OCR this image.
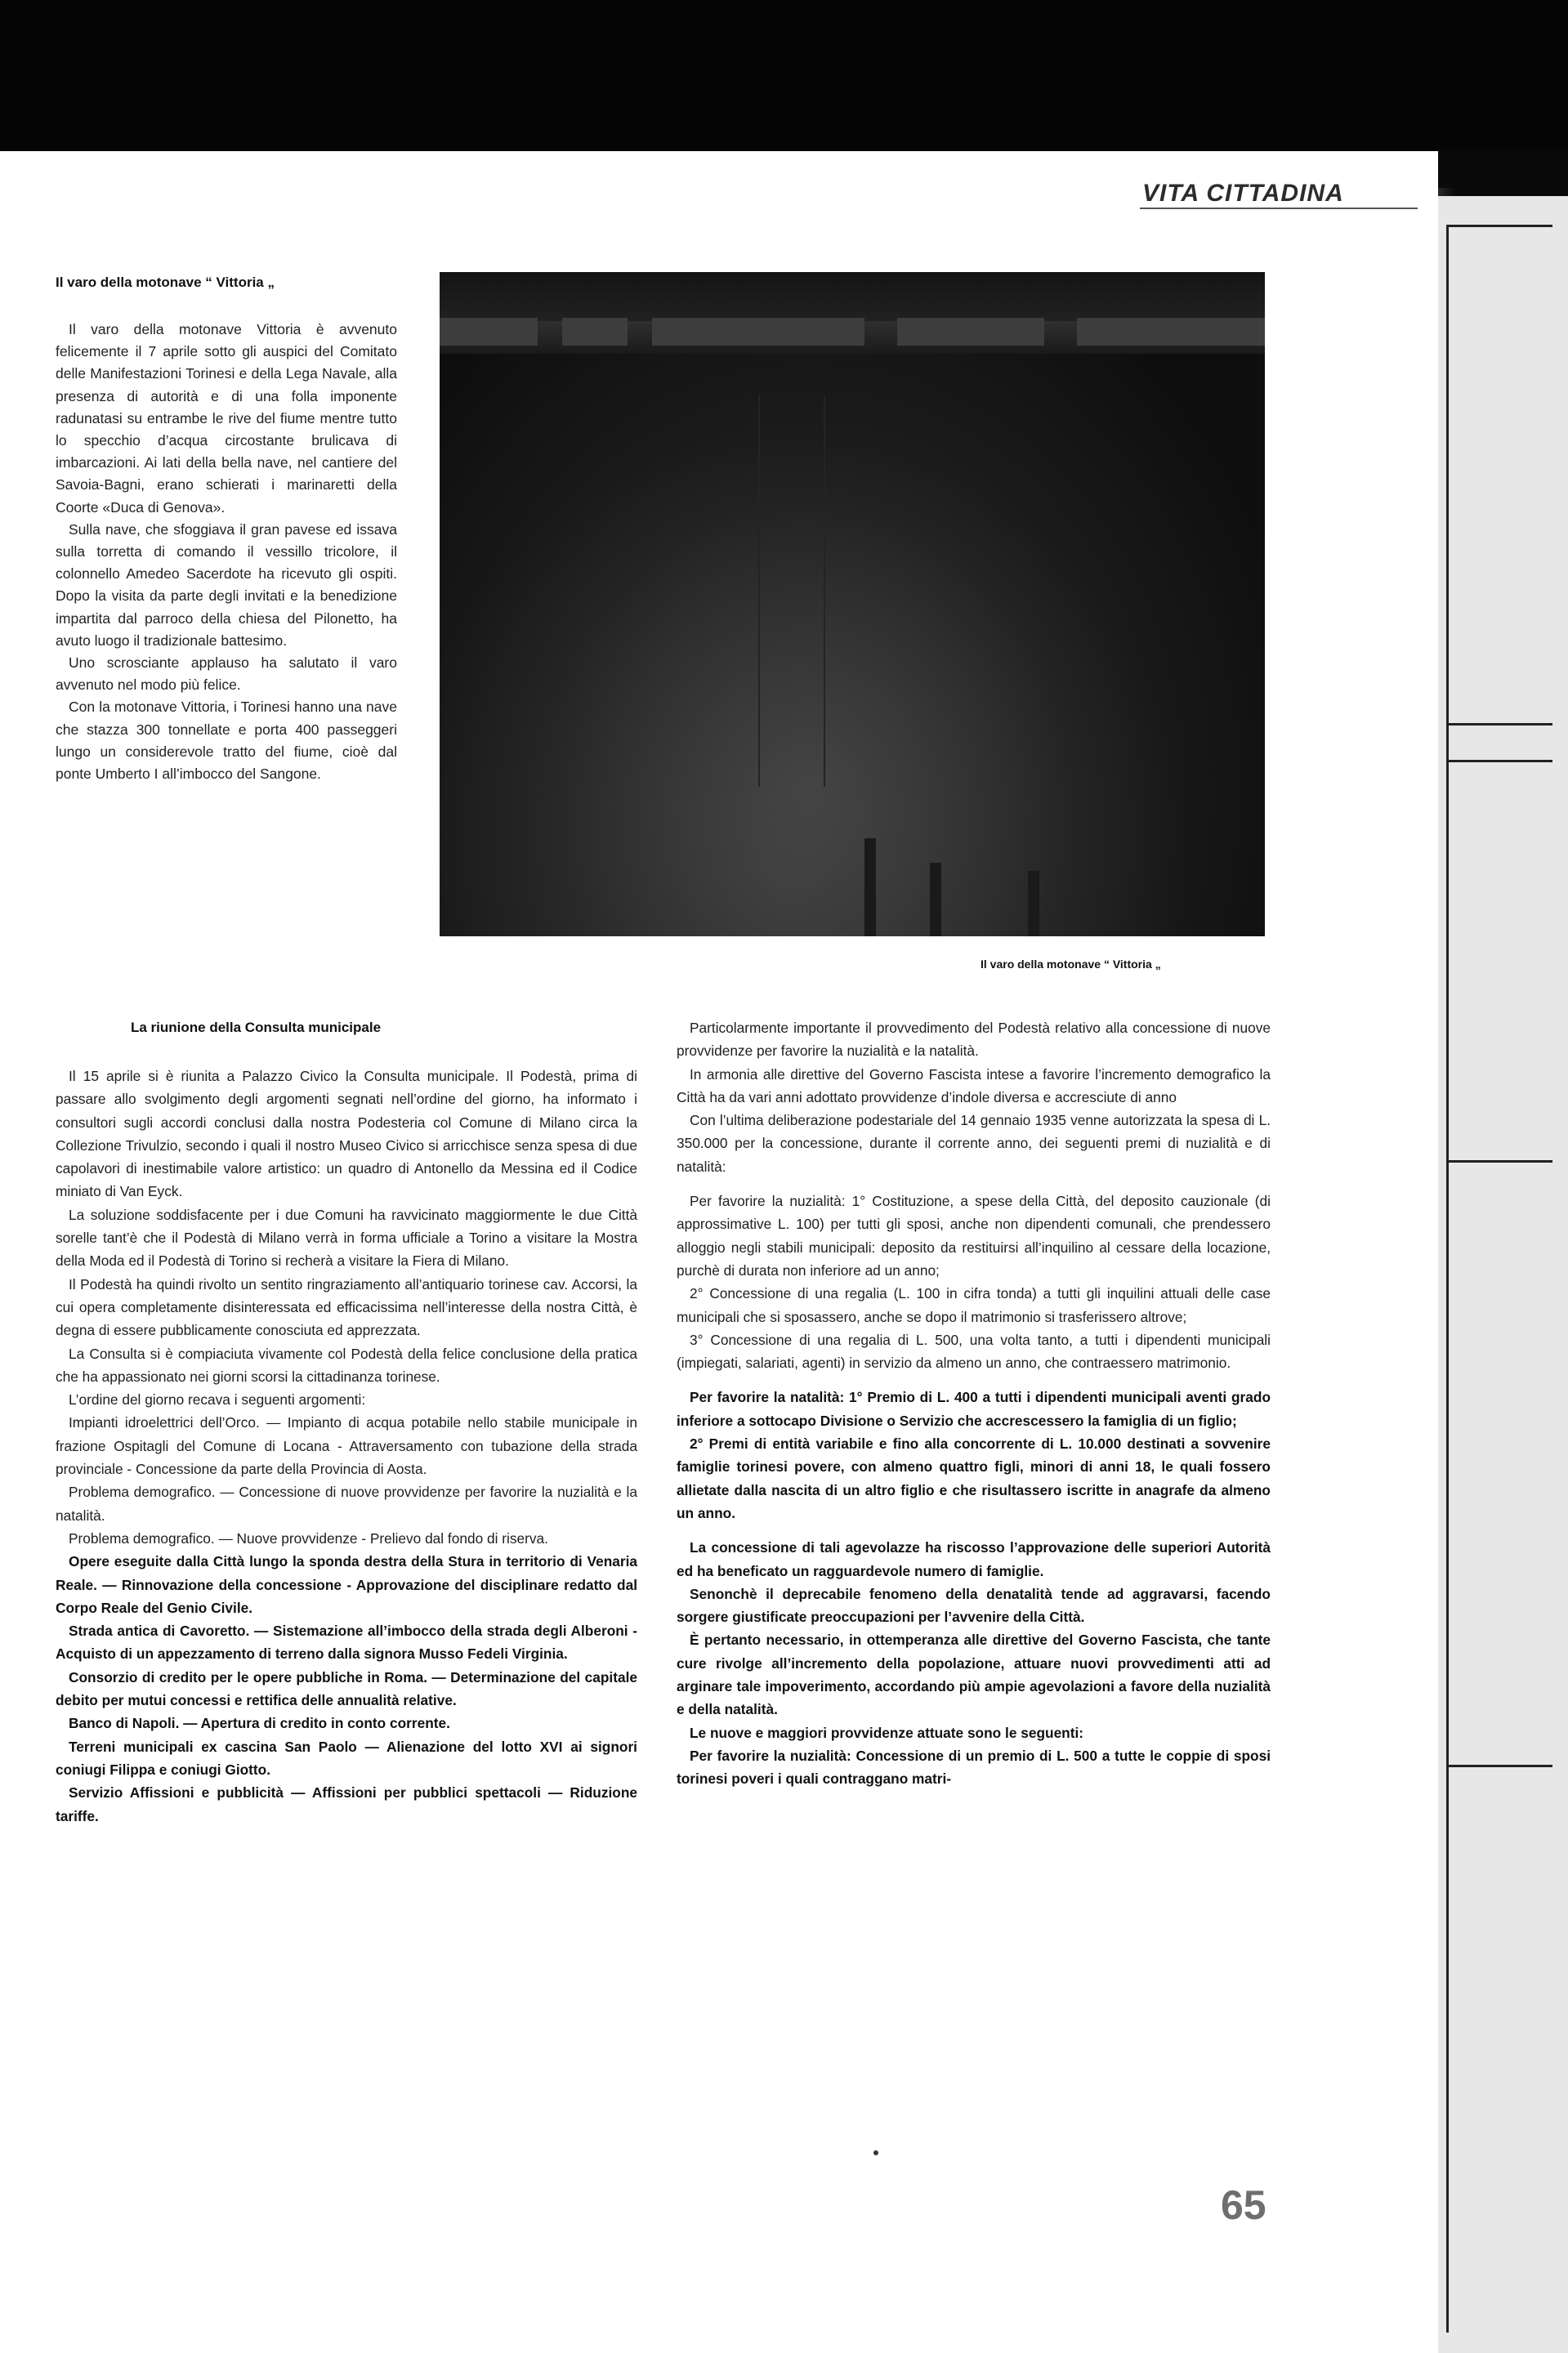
VITA CITTADINA
Il varo della motonave “ Vittoria „

Il varo della motonave Vittoria è avvenuto felicemente il 7 aprile sotto gli auspici del Comitato delle Manifestazioni Torinesi e della Lega Navale, alla presenza di autorità e di una folla imponente radunatasi su entrambe le rive del fiume mentre tutto lo specchio d’acqua circostante brulicava di imbarcazioni. Ai lati della bella nave, nel cantiere del Savoia-Bagni, erano schierati i marinaretti della Coorte «Duca di Genova».

Sulla nave, che sfoggiava il gran pavese ed issava sulla torretta di comando il vessillo tricolore, il colonnello Amedeo Sacerdote ha ricevuto gli ospiti. Dopo la visita da parte degli invitati e la benedizione impartita dal parroco della chiesa del Pilonetto, ha avuto luogo il tradizionale battesimo.

Uno scrosciante applauso ha salutato il varo avvenuto nel modo più felice.

Con la motonave Vittoria, i Torinesi hanno una nave che stazza 300 tonnellate e porta 400 passeggeri lungo un considerevole tratto del fiume, cioè dal ponte Umberto I all’imbocco del Sangone.

Il varo della motonave “ Vittoria „
La riunione della Consulta municipale

Il 15 aprile si è riunita a Palazzo Civico la Consulta municipale. Il Podestà, prima di passare allo svolgimento degli argomenti segnati nell’ordine del giorno, ha informato i consultori sugli accordi conclusi dalla nostra Podesteria col Comune di Milano circa la Collezione Trivulzio, secondo i quali il nostro Museo Civico si arricchisce senza spesa di due capolavori di inestimabile valore artistico: un quadro di Antonello da Messina ed il Codice miniato di Van Eyck.

La soluzione soddisfacente per i due Comuni ha ravvicinato maggiormente le due Città sorelle tant’è che il Podestà di Milano verrà in forma ufficiale a Torino a visitare la Mostra della Moda ed il Podestà di Torino si recherà a visitare la Fiera di Milano.

Il Podestà ha quindi rivolto un sentito ringraziamento all’antiquario torinese cav. Accorsi, la cui opera completamente disinteressata ed efficacissima nell’interesse della nostra Città, è degna di essere pubblicamente conosciuta ed apprezzata.

La Consulta si è compiaciuta vivamente col Podestà della felice conclusione della pratica che ha appassionato nei giorni scorsi la cittadinanza torinese.

L’ordine del giorno recava i seguenti argomenti:

Impianti idroelettrici dell’Orco. — Impianto di acqua potabile nello stabile municipale in frazione Ospitagli del Comune di Locana - Attraversamento con tubazione della strada provinciale - Concessione da parte della Provincia di Aosta.

Problema demografico. — Concessione di nuove provvidenze per favorire la nuzialità e la natalità.

Problema demografico. — Nuove provvidenze - Prelievo dal fondo di riserva.

Opere eseguite dalla Città lungo la sponda destra della Stura in territorio di Venaria Reale. — Rinnovazione della concessione - Approvazione del disciplinare redatto dal Corpo Reale del Genio Civile.

Strada antica di Cavoretto. — Sistemazione all’imbocco della strada degli Alberoni - Acquisto di un appezzamento di terreno dalla signora Musso Fedeli Virginia.

Consorzio di credito per le opere pubbliche in Roma. — Determinazione del capitale debito per mutui concessi e rettifica delle annualità relative.

Banco di Napoli. — Apertura di credito in conto corrente.

Terreni municipali ex cascina San Paolo — Alienazione del lotto XVI ai signori coniugi Filippa e coniugi Giotto.

Servizio Affissioni e pubblicità — Affissioni per pubblici spettacoli — Riduzione tariffe.

Particolarmente importante il provvedimento del Podestà relativo alla concessione di nuove provvidenze per favorire la nuzialità e la natalità.

In armonia alle direttive del Governo Fascista intese a favorire l’incremento demografico la Città ha da vari anni adottato provvidenze d’indole diversa e accresciute di anno

Con l’ultima deliberazione podestariale del 14 gennaio 1935 venne autorizzata la spesa di L. 350.000 per la concessione, durante il corrente anno, dei seguenti premi di nuzialità e di natalità:

Per favorire la nuzialità: 1° Costituzione, a spese della Città, del deposito cauzionale (di approssimative L. 100) per tutti gli sposi, anche non dipendenti comunali, che prendessero alloggio negli stabili municipali: deposito da restituirsi all’inquilino al cessare della locazione, purchè di durata non inferiore ad un anno;

2° Concessione di una regalia (L. 100 in cifra tonda) a tutti gli inquilini attuali delle case municipali che si sposassero, anche se dopo il matrimonio si trasferissero altrove;

3° Concessione di una regalia di L. 500, una volta tanto, a tutti i dipendenti municipali (impiegati, salariati, agenti) in servizio da almeno un anno, che contraessero matrimonio.

Per favorire la natalità: 1° Premio di L. 400 a tutti i dipendenti municipali aventi grado inferiore a sottocapo Divisione o Servizio che accrescessero la famiglia di un figlio;

2° Premi di entità variabile e fino alla concorrente di L. 10.000 destinati a sovvenire famiglie torinesi povere, con almeno quattro figli, minori di anni 18, le quali fossero allietate dalla nascita di un altro figlio e che risultassero iscritte in anagrafe da almeno un anno.

La concessione di tali agevolazze ha riscosso l’approvazione delle superiori Autorità ed ha beneficato un ragguardevole numero di famiglie.

Senonchè il deprecabile fenomeno della denatalità tende ad aggravarsi, facendo sorgere giustificate preoccupazioni per l’avvenire della Città.

È pertanto necessario, in ottemperanza alle direttive del Governo Fascista, che tante cure rivolge all’incremento della popolazione, attuare nuovi provvedimenti atti ad arginare tale impoverimento, accordando più ampie agevolazioni a favore della nuzialità e della natalità.

Le nuove e maggiori provvidenze attuate sono le seguenti:

Per favorire la nuzialità: Concessione di un premio di L. 500 a tutte le coppie di sposi torinesi poveri i quali contraggano matri-

65
